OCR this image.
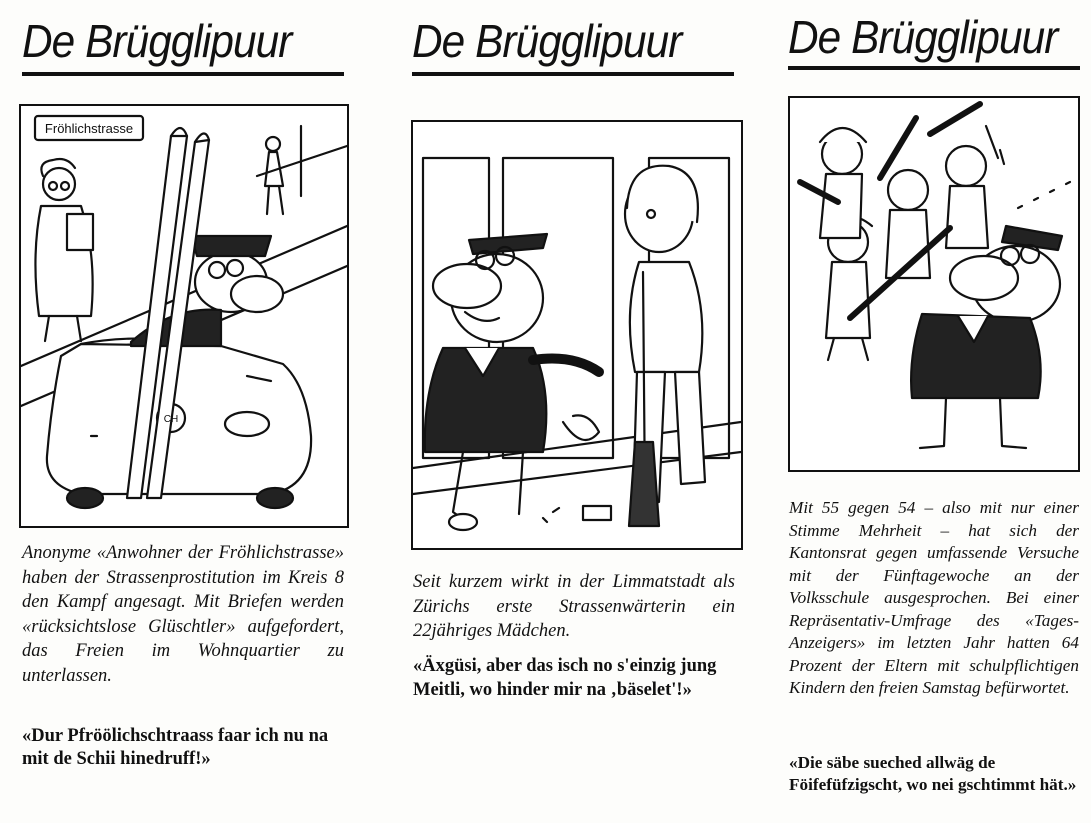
De Brügglipuur
Fröhlichstrasse
CH

Anonyme «Anwohner der Fröhlichstrasse» haben der Strassenprostitution im Kreis 8 den Kampf angesagt. Mit Briefen werden «rücksichtslose Glüschtler» aufgefordert, das Freien im Wohnquartier zu unterlassen.

«Dur Pfröölichschtraass faar ich nu na mit de Schii hinedruff!»

De Brügglipuur

Seit kurzem wirkt in der Limmatstadt als Zürichs erste Strassenwärterin ein 22jähriges Mädchen.

«Äxgüsi, aber das isch no s'einzig jung Meitli, wo hinder mir na ‚bäselet'!»

De Brügglipuur

Mit 55 gegen 54 – also mit nur einer Stimme Mehrheit – hat sich der Kantonsrat gegen umfassende Versuche mit der Fünftagewoche an der Volksschule ausgesprochen. Bei einer Repräsentativ-Umfrage des «Tages-Anzeigers» im letzten Jahr hatten 64 Prozent der Eltern mit schulpflichtigen Kindern den freien Samstag befürwortet.

«Die säbe sueched allwäg de Föifefüfzigscht, wo nei gschtimmt hät.»
